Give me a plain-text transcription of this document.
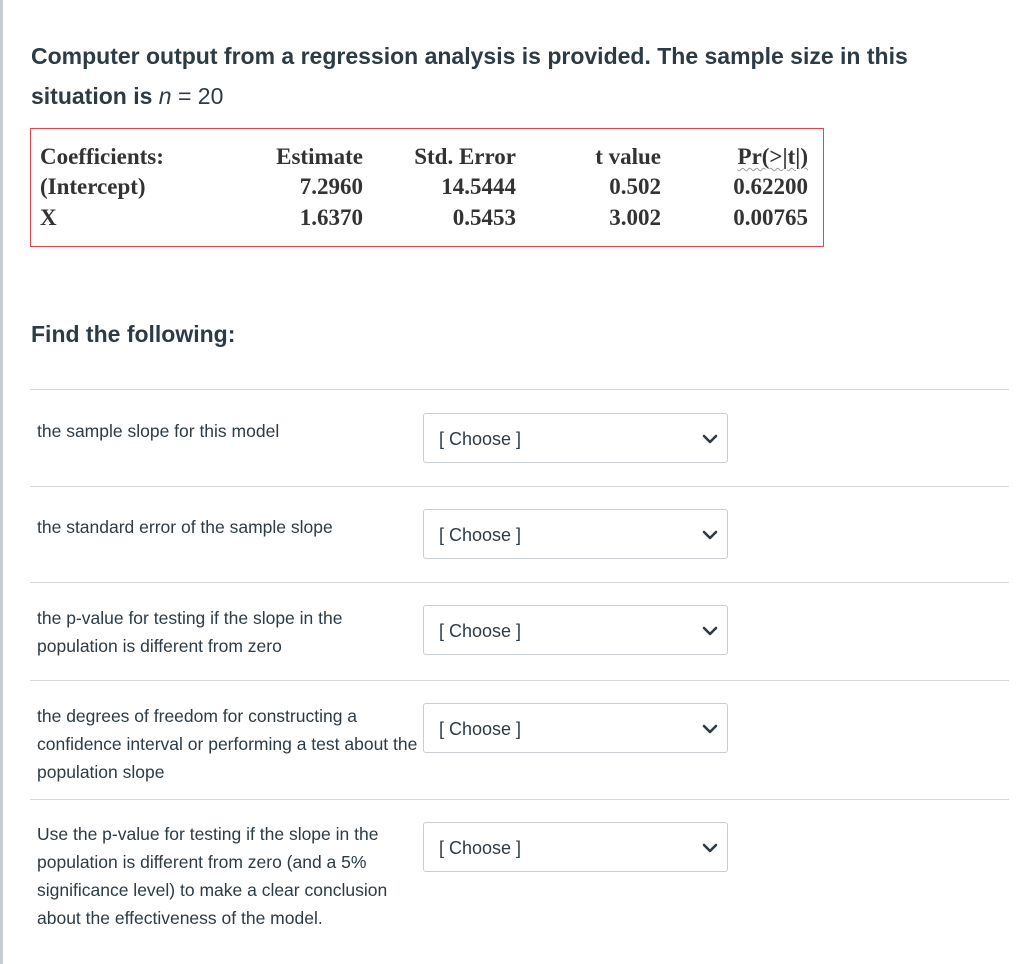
Computer output from a regression analysis is provided. The sample size in this
situation is n = 20
Coefficients:	Estimate Std. Error	t value	Pr(>|t|)
(Intercept)	7.2960	14.5444	0.502	0.62200
X	1.6370	0.5453	3.002	0.00765
Find the following:
the sample slope for this model	[ Choose ]
the standard error of the sample slope	[ Choose ]
the p-value for testing if the slope in the population is different from zero
[ Choose ]
the degrees of freedom for constructing a confidence interval or performing a test about the population slope
[ Choose ]
Use the p-value for testing if the slope in the population is different from zero (and a 5% significance level) to make a clear conclusion about the effectiveness of the model.
[ Choose ]
